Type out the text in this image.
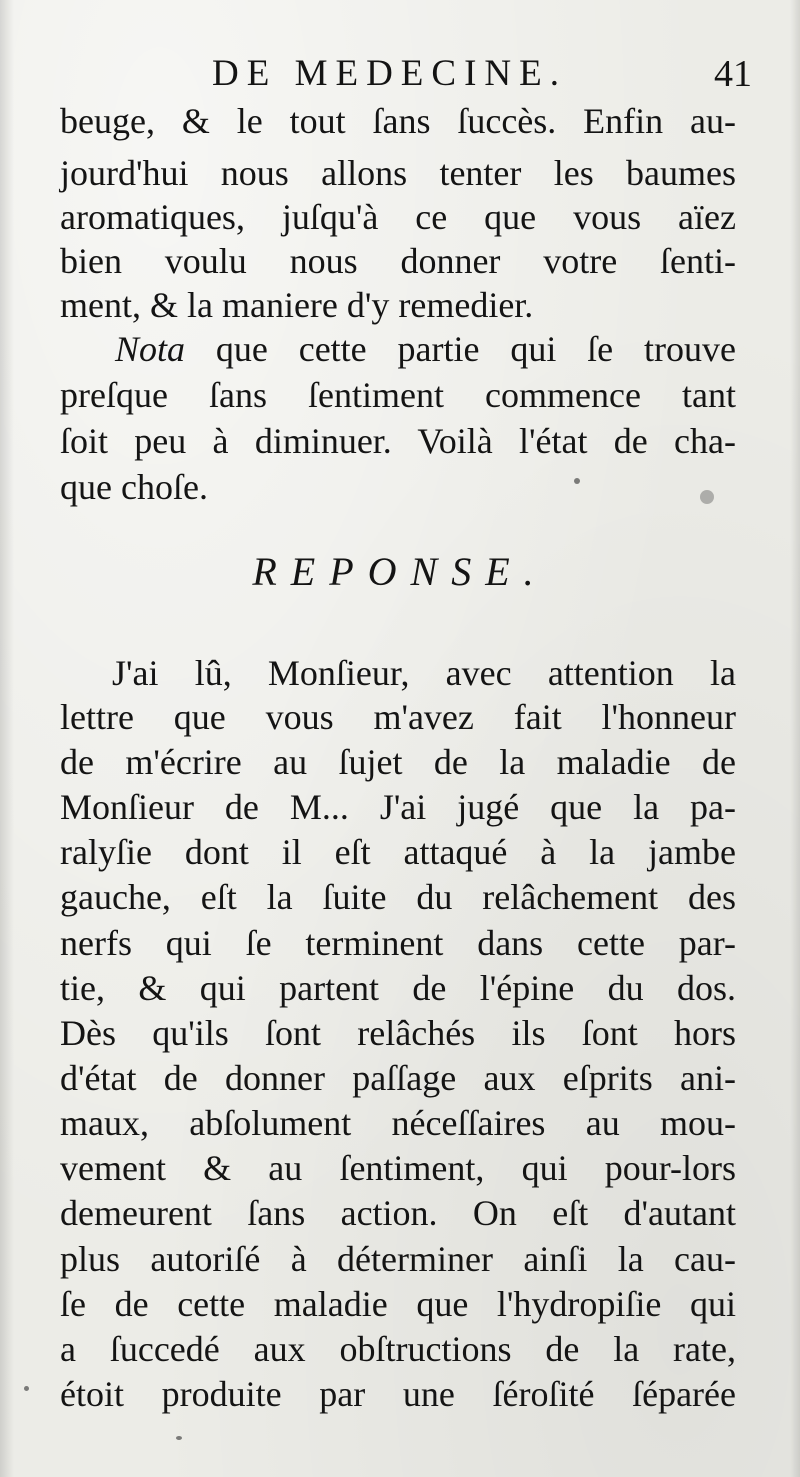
DE MEDECINE.	41
beuge, & le tout ſans ſuccès. Enfin au-
jourd'hui nous allons tenter les baumes
aromatiques, juſqu'à ce que vous aïez
bien voulu nous donner votre ſenti-
ment, & la maniere d'y remedier.
Nota que cette partie qui ſe trouve
preſque ſans ſentiment commence tant
ſoit peu à diminuer. Voilà l'état de cha-
que choſe.
REPONSE.
J'ai lû, Monſieur, avec attention la
lettre que vous m'avez fait l'honneur
de m'écrire au ſujet de la maladie de
Monſieur de M... J'ai jugé que la pa-
ralyſie dont il eſt attaqué à la jambe
gauche, eſt la ſuite du relâchement des
nerfs qui ſe terminent dans cette par-
tie, & qui partent de l'épine du dos.
Dès qu'ils ſont relâchés ils ſont hors
d'état de donner paſſage aux eſprits ani-
maux, abſolument néceſſaires au mou-
vement & au ſentiment, qui pour-lors
demeurent ſans action. On eſt d'autant
plus autoriſé à déterminer ainſi la cau-
ſe de cette maladie que l'hydropiſie qui
a ſuccedé aux obſtructions de la rate,
étoit produite par une ſéroſité ſéparée
